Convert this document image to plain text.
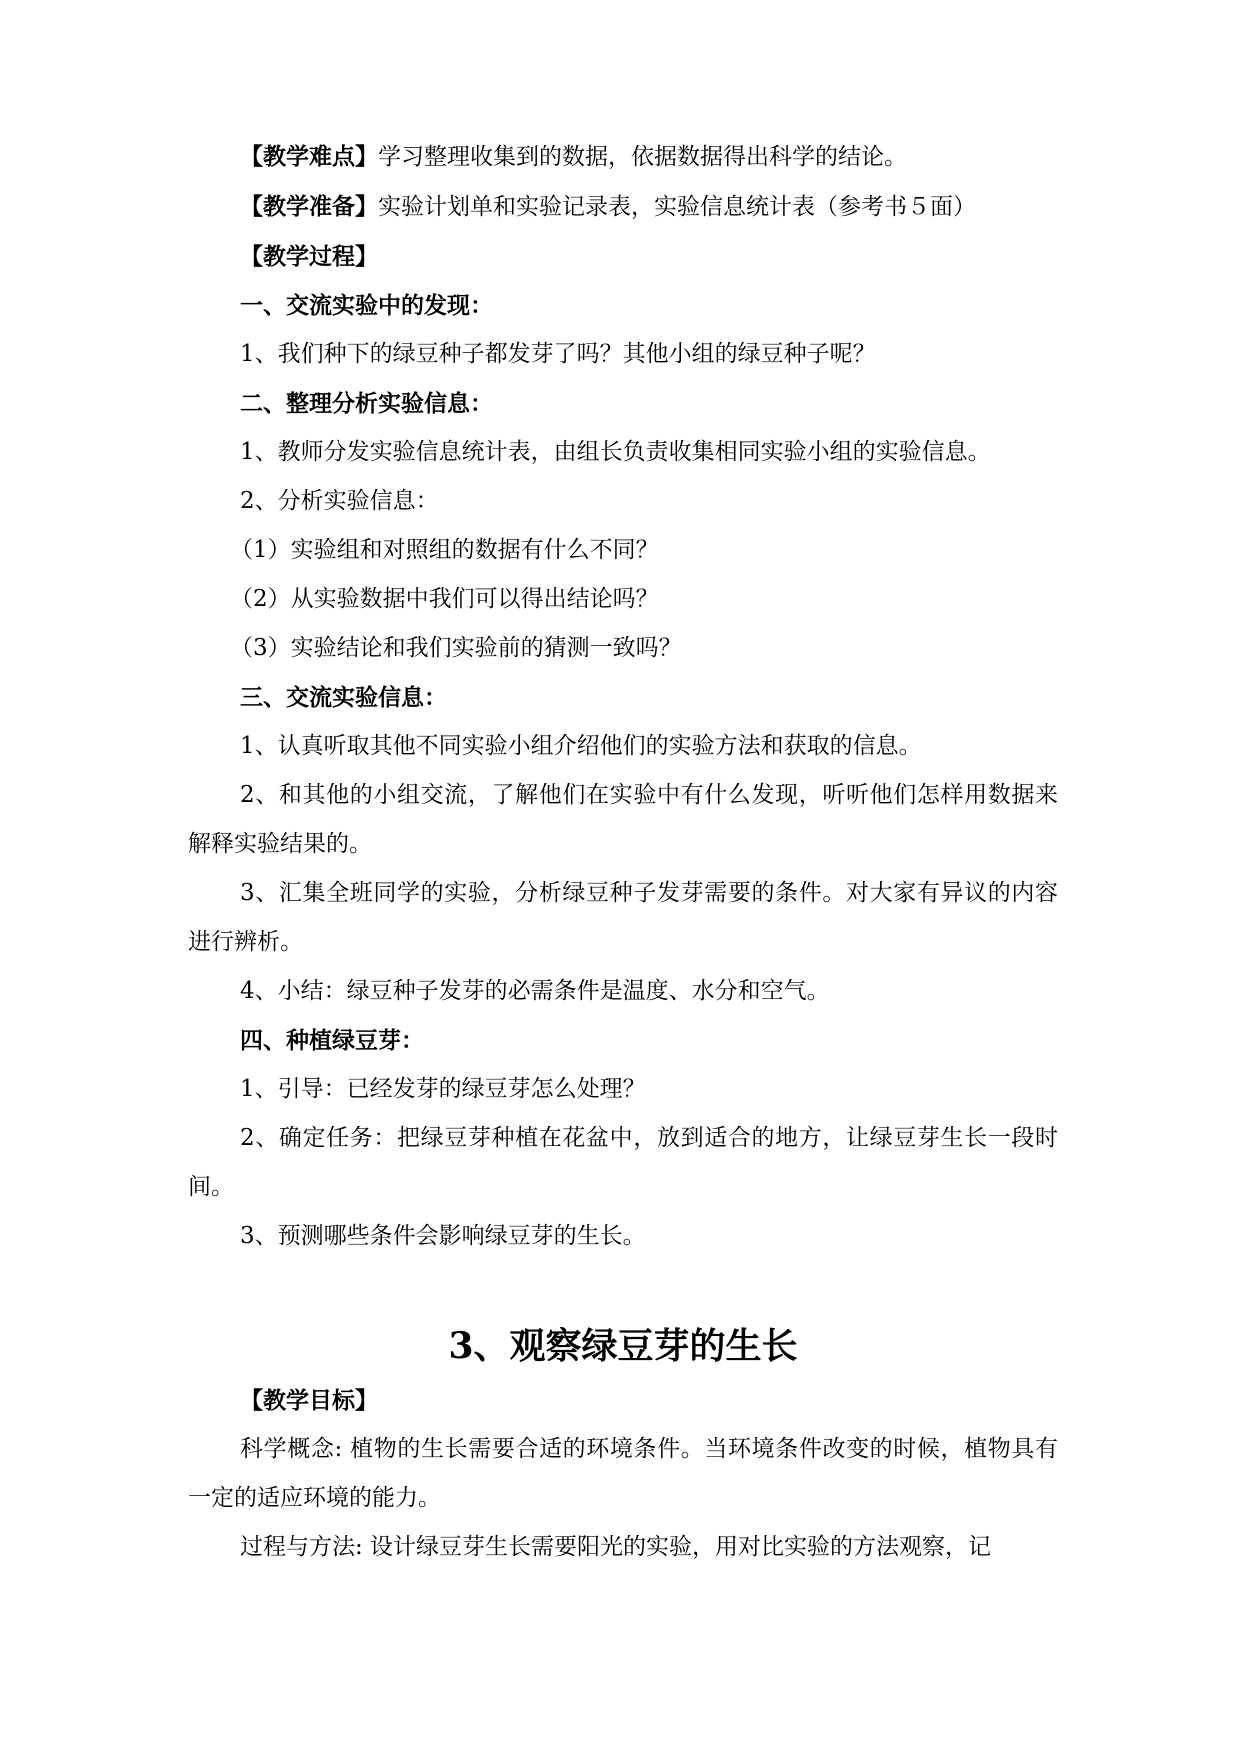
【教学难点】学习整理收集到的数据，依据数据得出科学的结论。
【教学准备】实验计划单和实验记录表，实验信息统计表（参考书５面）
【教学过程】
一、交流实验中的发现：
1、我们种下的绿豆种子都发芽了吗？其他小组的绿豆种子呢？
二、整理分析实验信息：
1、教师分发实验信息统计表，由组长负责收集相同实验小组的实验信息。
2、分析实验信息：
（1）实验组和对照组的数据有什么不同？
（2）从实验数据中我们可以得出结论吗？
（3）实验结论和我们实验前的猜测一致吗？
三、交流实验信息：
1、认真听取其他不同实验小组介绍他们的实验方法和获取的信息。
2、和其他的小组交流，了解他们在实验中有什么发现，听听他们怎样用数据来解释实验结果的。
3、汇集全班同学的实验，分析绿豆种子发芽需要的条件。对大家有异议的内容进行辨析。
4、小结：绿豆种子发芽的必需条件是温度、水分和空气。
四、种植绿豆芽：
1、引导：已经发芽的绿豆芽怎么处理？
2、确定任务：把绿豆芽种植在花盆中，放到适合的地方，让绿豆芽生长一段时间。
3、预测哪些条件会影响绿豆芽的生长。
3、观察绿豆芽的生长
【教学目标】
科学概念: 植物的生长需要合适的环境条件。当环境条件改变的时候，植物具有一定的适应环境的能力。
过程与方法: 设计绿豆芽生长需要阳光的实验，用对比实验的方法观察，记
